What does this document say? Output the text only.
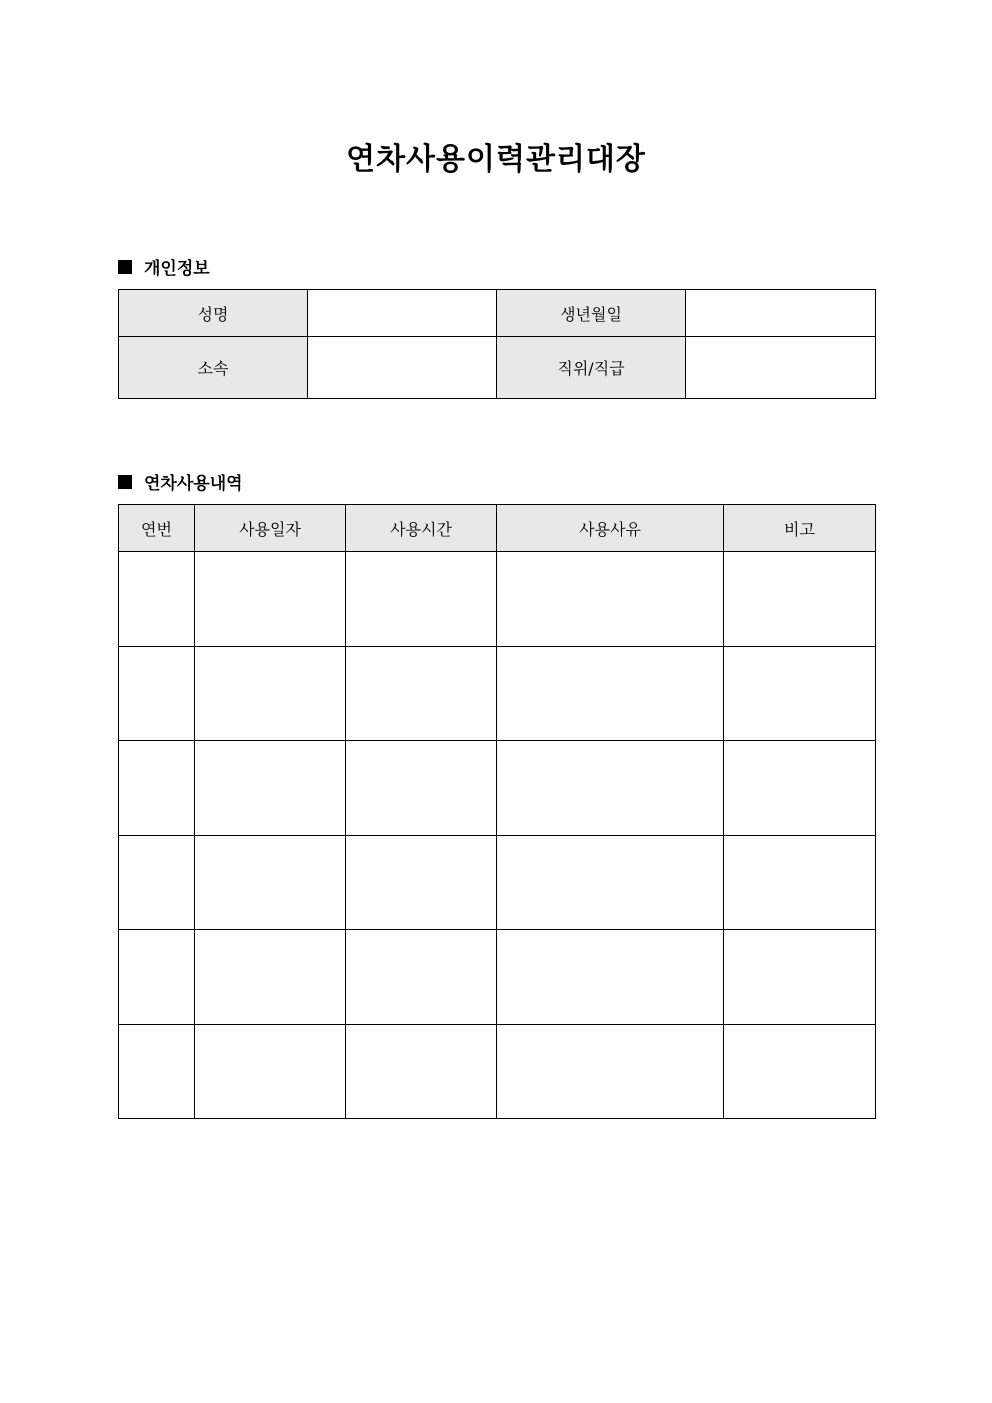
연차사용이력관리대장
개인정보
성명		생년월일	
소속		직위/직급	
연차사용내역
연번	사용일자	사용시간	사용사유	비고
